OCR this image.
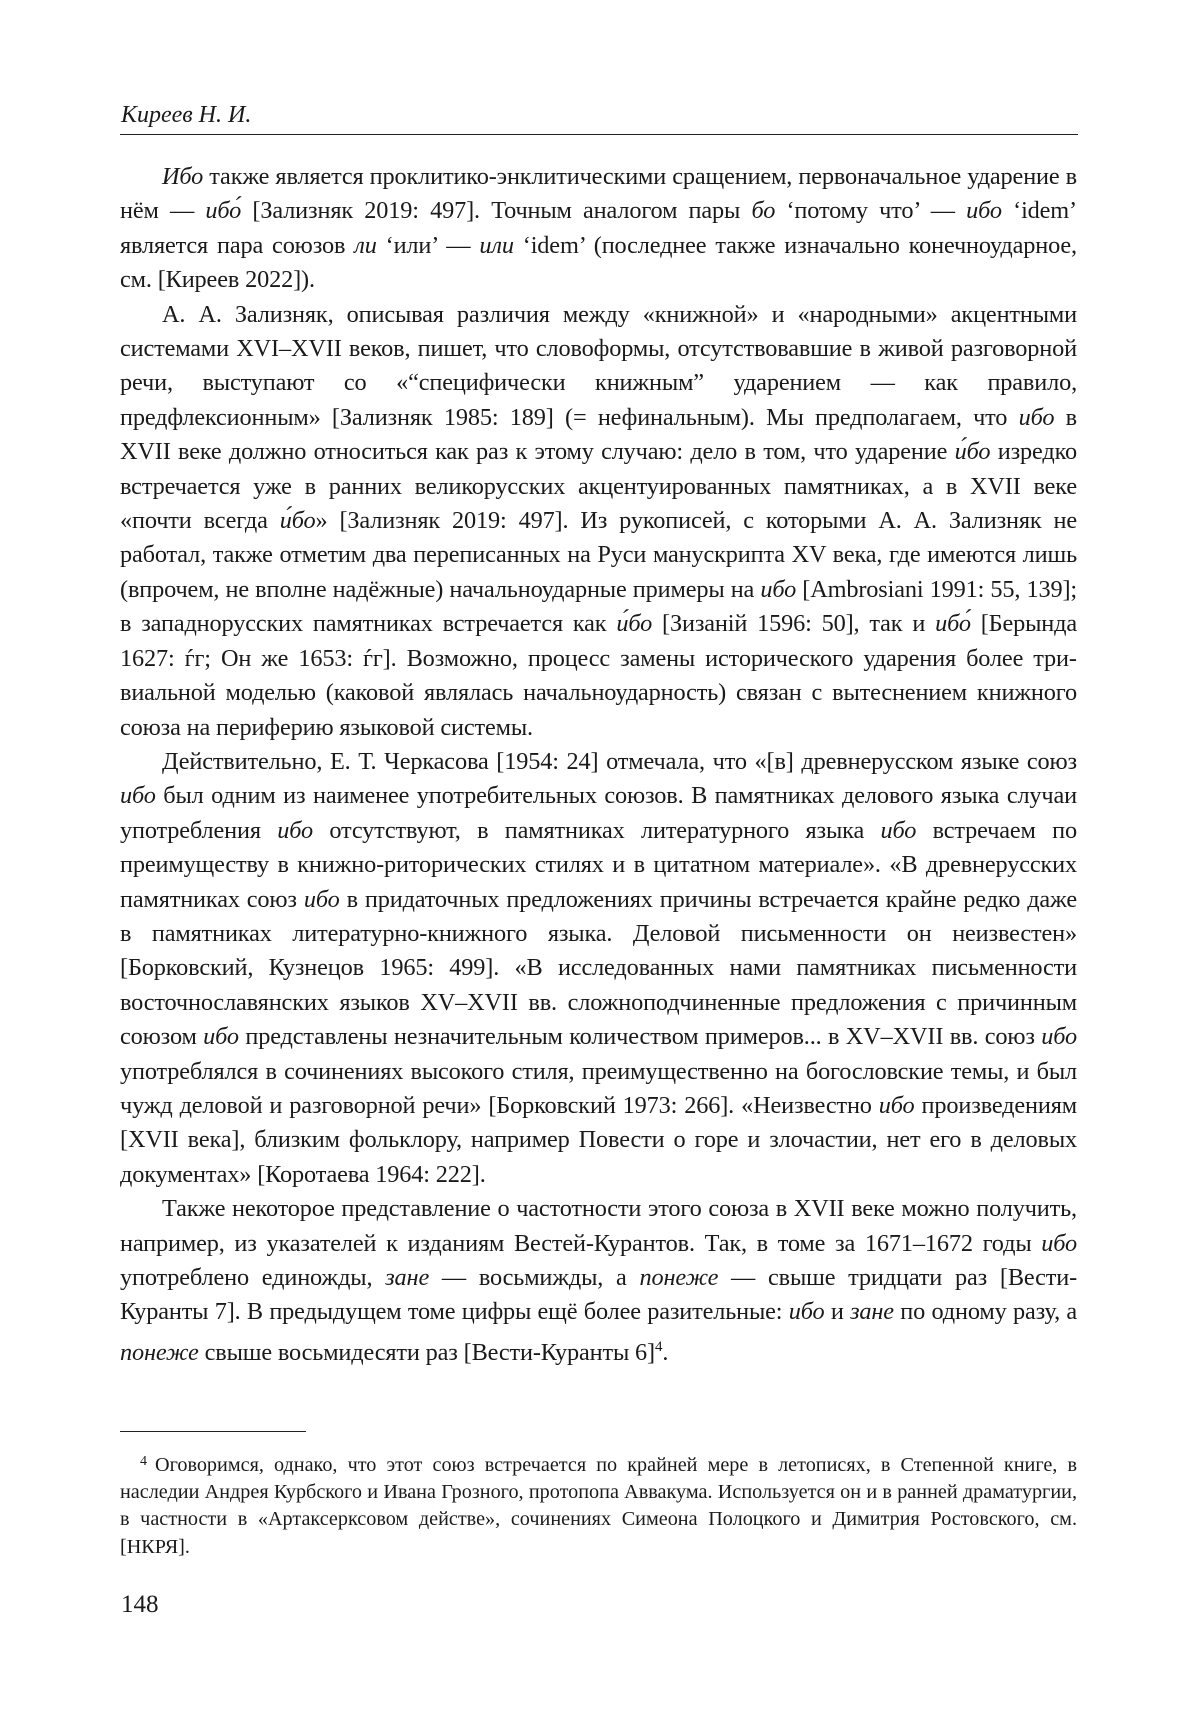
Киреев Н. И.

Ибо также является проклитико-энклитическими сращением, первоначальное ударение в нём — ибо́ [Зализняк 2019: 497]. Точным аналогом пары бо ‘потому что’ — ибо ‘idem’ является пара союзов ли ‘или’ — или ‘idem’ (последнее также изначально конечноударное, см. [Киреев 2022]).

А. А. Зализняк, описывая различия между «книжной» и «народными» акцентными системами XVI–XVII веков, пишет, что словоформы, отсутствовавшие в живой разговорной речи, выступают со «“специфически книжным” ударением — как правило, предфлексионным» [Зализняк 1985: 189] (= нефинальным). Мы предполагаем, что ибо в XVII веке должно относиться как раз к этому случаю: дело в том, что ударение и́бо изредко встречается уже в ранних великорусских акцентуированных памятниках, а в XVII веке «почти всегда и́бо» [Зализняк 2019: 497]. Из рукописей, с которыми А. А. Зализняк не работал, также отметим два переписанных на Руси манускрипта XV века, где имеются лишь (впрочем, не вполне надёжные) начальноударные примеры на ибо [Ambrosiani 1991: 55, 139]; в западнорусских памятниках встречается как и́бо [Зизаній 1596: 50], так и ибо́ [Берында 1627: ѓг; Он же 1653: ѓг]. Возможно, процесс замены исторического ударения более тривиальной моделью (каковой являлась начальноударность) связан с вытеснением книжного союза на периферию языковой системы.

Действительно, Е. Т. Черкасова [1954: 24] отмечала, что «[в] древнерусском языке союз ибо был одним из наименее употребительных союзов. В памятниках делового языка случаи употребления ибо отсутствуют, в памятниках литературного языка ибо встречаем по преимуществу в книжно-риторических стилях и в цитатном материале». «В древнерусских памятниках союз ибо в придаточных предложениях причины встречается крайне редко даже в памятниках литературно-книжного языка. Деловой письменности он неизвестен» [Борковский, Кузнецов 1965: 499]. «В исследованных нами памятниках письменности восточнославянских языков XV–XVII вв. сложноподчиненные предложения с причинным союзом ибо представлены незначительным количеством примеров... в XV–XVII вв. союз ибо употреблялся в сочинениях высокого стиля, преимущественно на богословские темы, и был чужд деловой и разговорной речи» [Борковский 1973: 266]. «Неизвестно ибо произведениям [XVII века], близким фольклору, например Повести о горе и злочастии, нет его в деловых документах» [Коротаева 1964: 222].

Также некоторое представление о частотности этого союза в XVII веке можно получить, например, из указателей к изданиям Вестей-Курантов. Так, в томе за 1671–1672 годы ибо употреблено единожды, зане — восьмижды, а понеже — свыше тридцати раз [Вести-Куранты 7]. В предыдущем томе цифры ещё более разительные: ибо и зане по одному разу, а понеже свыше восьмидесяти раз [Вести-Куранты 6]$^4$.

$^4$ Оговоримся, однако, что этот союз встречается по крайней мере в летописях, в Степенной книге, в наследии Андрея Курбского и Ивана Грозного, протопопа Аввакума. Используется он и в ранней драматургии, в частности в «Артаксерксовом действе», сочинениях Симеона Полоцкого и Димитрия Ростовского, см. [НКРЯ].

148
